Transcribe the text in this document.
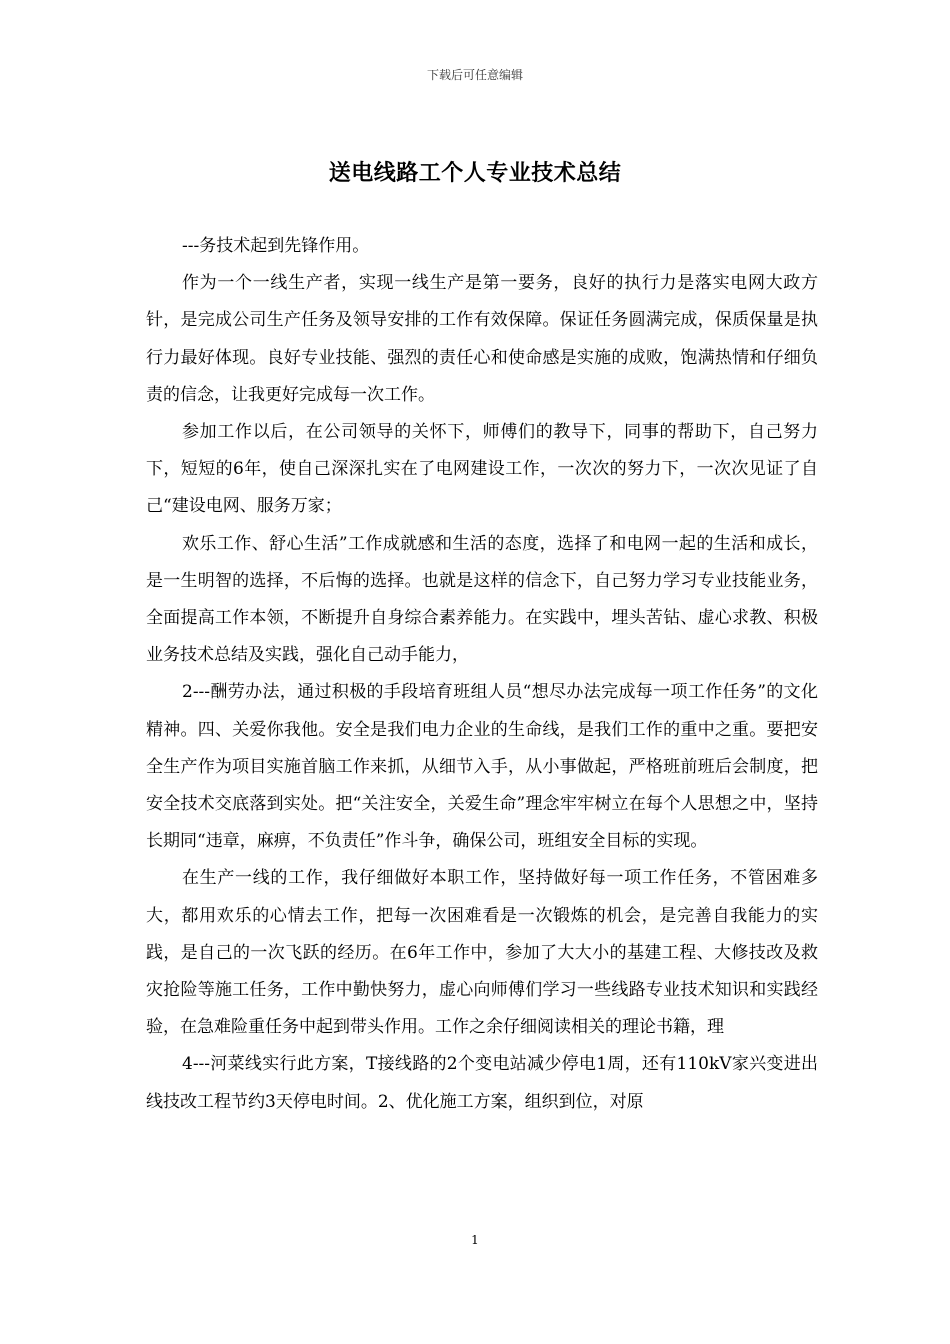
下载后可任意编辑
送电线路工个人专业技术总结

---务技术起到先锋作用。

作为一个一线生产者，实现一线生产是第一要务，良好的执行力是落实电网大政方针，是完成公司生产任务及领导安排的工作有效保障。保证任务圆满完成，保质保量是执行力最好体现。良好专业技能、强烈的责任心和使命感是实施的成败，饱满热情和仔细负责的信念，让我更好完成每一次工作。

参加工作以后，在公司领导的关怀下，师傅们的教导下，同事的帮助下，自己努力下，短短的6年，使自己深深扎实在了电网建设工作，一次次的努力下，一次次见证了自己“建设电网、服务万家；

欢乐工作、舒心生活”工作成就感和生活的态度，选择了和电网一起的生活和成长，是一生明智的选择，不后悔的选择。也就是这样的信念下，自己努力学习专业技能业务，全面提高工作本领，不断提升自身综合素养能力。在实践中，埋头苦钻、虚心求教、积极业务技术总结及实践，强化自己动手能力，

2---酬劳办法，通过积极的手段培育班组人员“想尽办法完成每一项工作任务”的文化精神。四、关爱你我他。安全是我们电力企业的生命线，是我们工作的重中之重。要把安全生产作为项目实施首脑工作来抓，从细节入手，从小事做起，严格班前班后会制度，把安全技术交底落到实处。把“关注安全，关爱生命”理念牢牢树立在每个人思想之中，坚持长期同“违章，麻痹，不负责任”作斗争，确保公司，班组安全目标的实现。

在生产一线的工作，我仔细做好本职工作，坚持做好每一项工作任务，不管困难多大，都用欢乐的心情去工作，把每一次困难看是一次锻炼的机会，是完善自我能力的实践，是自己的一次飞跃的经历。在6年工作中，参加了大大小的基建工程、大修技改及救灾抢险等施工任务，工作中勤快努力，虚心向师傅们学习一些线路专业技术知识和实践经验，在急难险重任务中起到带头作用。工作之余仔细阅读相关的理论书籍，理

4---河菜线实行此方案，T接线路的2个变电站减少停电1周，还有110kV家兴变进出线技改工程节约3天停电时间。2、优化施工方案，组织到位，对原

1
